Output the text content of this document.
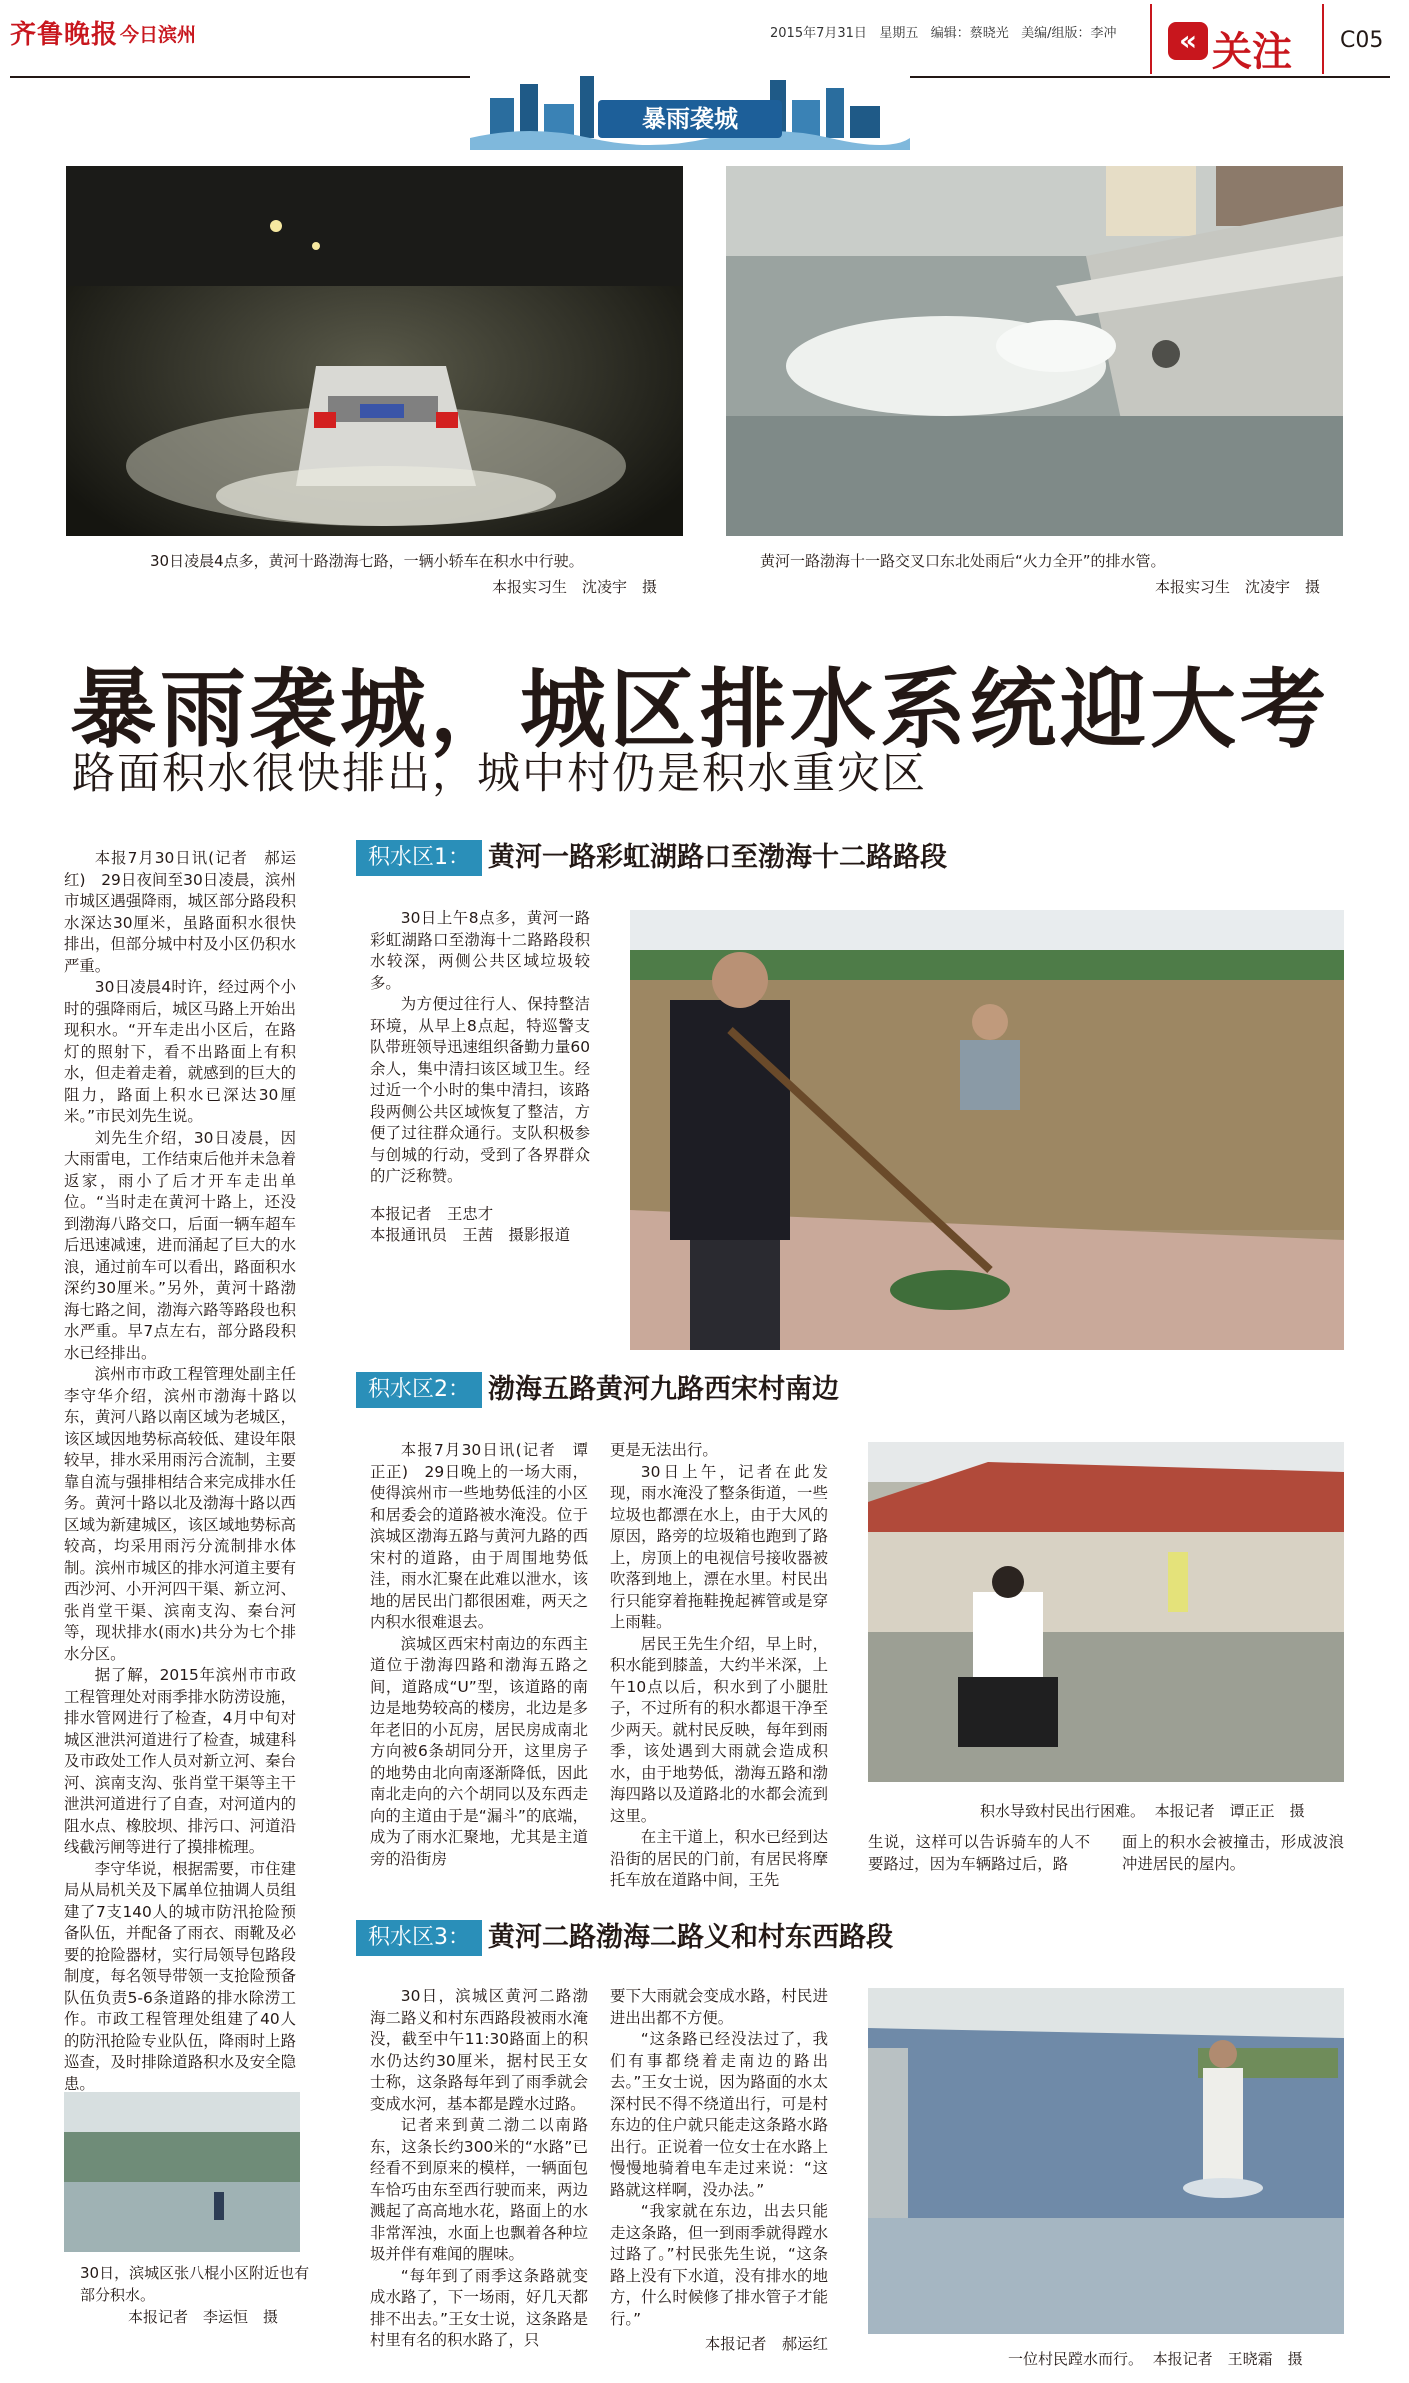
齐鲁晚报 今日滨州	2015年7月31日 星期五 编辑：蔡晓光 美编/组版：李冲	« 关注 C05
暴雨袭城
30日凌晨4点多，黄河十路渤海七路，一辆小轿车在积水中行驶。
本报实习生　沈凌宇　摄
黄河一路渤海十一路交叉口东北处雨后“火力全开”的排水管。
本报实习生　沈凌宇　摄
暴雨袭城，城区排水系统迎大考
路面积水很快排出，城中村仍是积水重灾区

本报7月30日讯(记者　郝运红)　29日夜间至30日凌晨，滨州市城区遇强降雨，城区部分路段积水深达30厘米，虽路面积水很快排出，但部分城中村及小区仍积水严重。

30日凌晨4时许，经过两个小时的强降雨后，城区马路上开始出现积水。“开车走出小区后，在路灯的照射下，看不出路面上有积水，但走着走着，就感到的巨大的阻力，路面上积水已深达30厘米。”市民刘先生说。

刘先生介绍，30日凌晨，因大雨雷电，工作结束后他并未急着返家，雨小了后才开车走出单位。“当时走在黄河十路上，还没到渤海八路交口，后面一辆车超车后迅速减速，进而涌起了巨大的水浪，通过前车可以看出，路面积水深约30厘米。”另外，黄河十路渤海七路之间，渤海六路等路段也积水严重。早7点左右，部分路段积水已经排出。

滨州市市政工程管理处副主任李守华介绍，滨州市渤海十路以东，黄河八路以南区域为老城区，该区域因地势标高较低、建设年限较早，排水采用雨污合流制，主要靠自流与强排相结合来完成排水任务。黄河十路以北及渤海十路以西区域为新建城区，该区域地势标高较高，均采用雨污分流制排水体制。滨州市城区的排水河道主要有西沙河、小开河四干渠、新立河、张肖堂干渠、滨南支沟、秦台河等，现状排水(雨水)共分为七个排水分区。

据了解，2015年滨州市市政工程管理处对雨季排水防涝设施，排水管网进行了检查，4月中旬对城区泄洪河道进行了检查，城建科及市政处工作人员对新立河、秦台河、滨南支沟、张肖堂干渠等主干泄洪河道进行了自查，对河道内的阻水点、橡胶坝、排污口、河道沿线截污闸等进行了摸排梳理。

李守华说，根据需要，市住建局从局机关及下属单位抽调人员组建了7支140人的城市防汛抢险预备队伍，并配备了雨衣、雨靴及必要的抢险器材，实行局领导包路段制度，每名领导带领一支抢险预备队伍负责5-6条道路的排水除涝工作。市政工程管理处组建了40人的防汛抢险专业队伍，降雨时上路巡查，及时排除道路积水及安全隐患。

30日，滨城区张八棍小区附近也有部分积水。
本报记者　李运恒　摄
积水区1： 黄河一路彩虹湖路口至渤海十二路路段

30日上午8点多，黄河一路彩虹湖路口至渤海十二路路段积水较深，两侧公共区域垃圾较多。

为方便过往行人、保持整洁环境，从早上8点起，特巡警支队带班领导迅速组织备勤力量60余人，集中清扫该区域卫生。经过近一个小时的集中清扫，该路段两侧公共区域恢复了整洁，方便了过往群众通行。支队积极参与创城的行动，受到了各界群众的广泛称赞。

本报记者　王忠才
本报通讯员　王茜　摄影报道
积水区2： 渤海五路黄河九路西宋村南边

本报7月30日讯(记者　谭正正)　29日晚上的一场大雨，使得滨州市一些地势低洼的小区和居委会的道路被水淹没。位于滨城区渤海五路与黄河九路的西宋村的道路，由于周围地势低洼，雨水汇聚在此难以泄水，该地的居民出门都很困难，两天之内积水很难退去。

滨城区西宋村南边的东西主道位于渤海四路和渤海五路之间，道路成“U”型，该道路的南边是地势较高的楼房，北边是多年老旧的小瓦房，居民房成南北方向被6条胡同分开，这里房子的地势由北向南逐渐降低，因此南北走向的六个胡同以及东西走向的主道由于是“漏斗”的底端，成为了雨水汇聚地，尤其是主道旁的沿街房

更是无法出行。

30日上午，记者在此发现，雨水淹没了整条街道，一些垃圾也都漂在水上，由于大风的原因，路旁的垃圾箱也跑到了路上，房顶上的电视信号接收器被吹落到地上，漂在水里。村民出行只能穿着拖鞋挽起裤管或是穿上雨鞋。

居民王先生介绍，早上时，积水能到膝盖，大约半米深，上午10点以后，积水到了小腿肚子，不过所有的积水都退干净至少两天。就村民反映，每年到雨季，该处遇到大雨就会造成积水，由于地势低，渤海五路和渤海四路以及道路北的水都会流到这里。

在主干道上，积水已经到达沿街的居民的门前，有居民将摩托车放在道路中间，王先

积水导致村民出行困难。 本报记者　谭正正　摄
生说，这样可以告诉骑车的人不要路过，因为车辆路过后，路
面上的积水会被撞击，形成波浪冲进居民的屋内。
积水区3： 黄河二路渤海二路义和村东西路段

30日，滨城区黄河二路渤海二路义和村东西路段被雨水淹没，截至中午11:30路面上的积水仍达约30厘米，据村民王女士称，这条路每年到了雨季就会变成水河，基本都是蹚水过路。

记者来到黄二渤二以南路东，这条长约300米的“水路”已经看不到原来的模样，一辆面包车恰巧由东至西行驶而来，两边溅起了高高地水花，路面上的水非常浑浊，水面上也飘着各种垃圾并伴有难闻的腥味。

“每年到了雨季这条路就变成水路了，下一场雨，好几天都排不出去。”王女士说，这条路是村里有名的积水路了，只

要下大雨就会变成水路，村民进进出出都不方便。

“这条路已经没法过了，我们有事都绕着走南边的路出去。”王女士说，因为路面的水太深村民不得不绕道出行，可是村东边的住户就只能走这条路水路出行。正说着一位女士在水路上慢慢地骑着电车走过来说：“这路就这样啊，没办法。”

“我家就在东边，出去只能走这条路，但一到雨季就得蹚水过路了。”村民张先生说，“这条路上没有下水道，没有排水的地方，什么时候修了排水管子才能行。”

本报记者　郝运红
一位村民蹚水而行。 本报记者　王晓霜　摄
